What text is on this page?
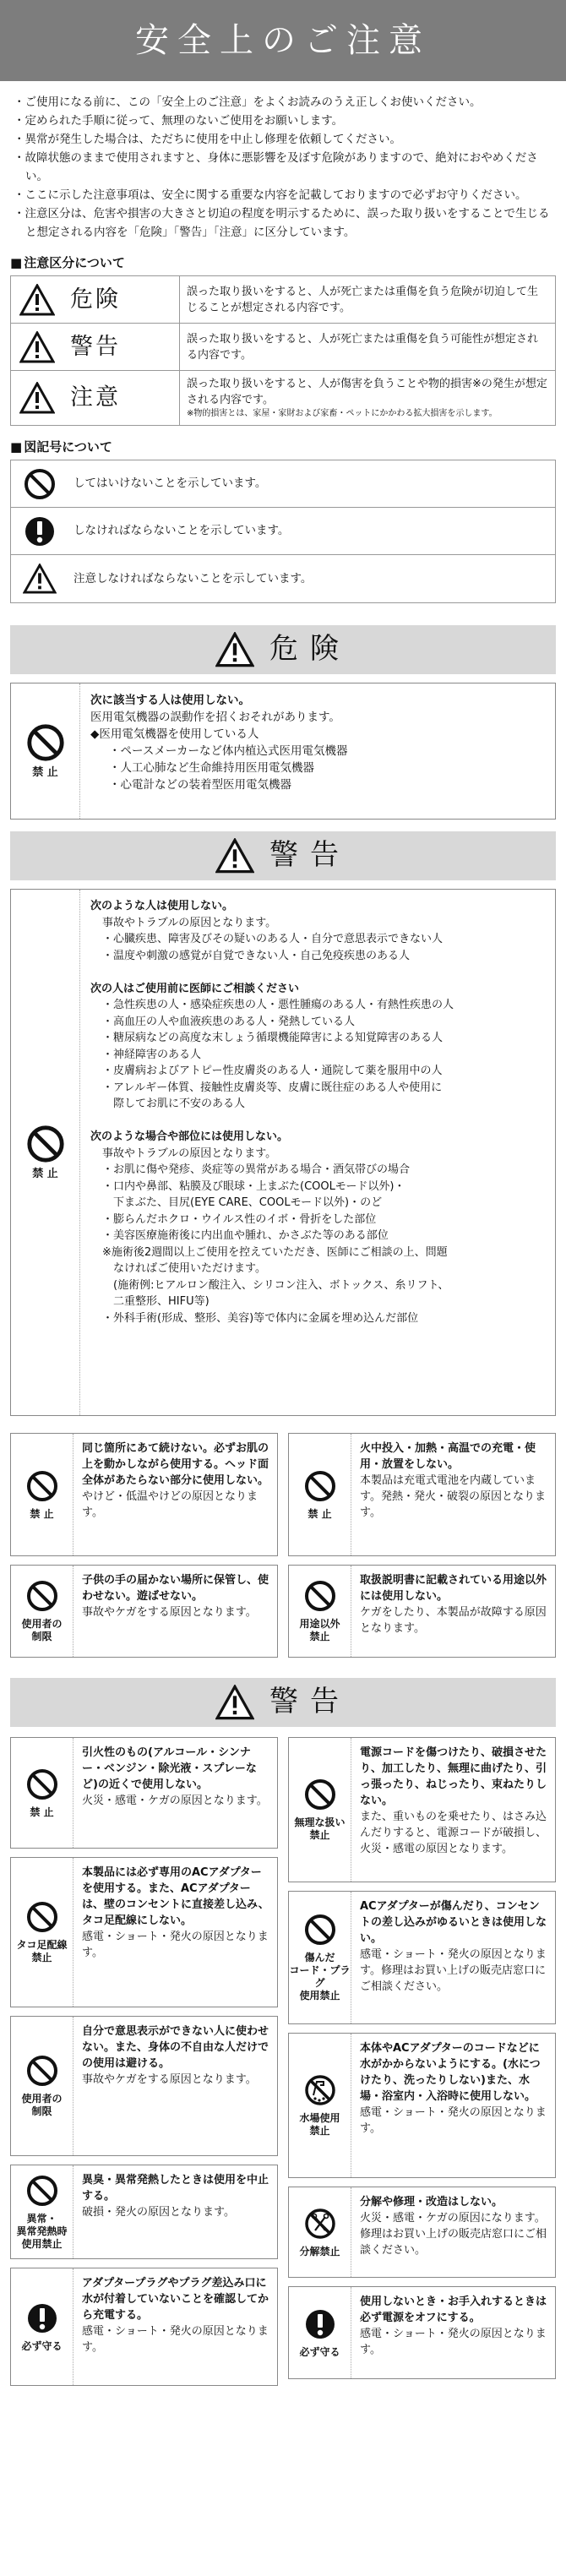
安全上のご注意
・ ご使用になる前に、この「安全上のご注意」をよくお読みのうえ正しくお使いください。
・ 定められた手順に従って、無理のないご使用をお願いします。
・ 異常が発生した場合は、ただちに使用を中止し修理を依頼してください。
・ 故障状態のままで使用されますと、身体に悪影響を及ぼす危険がありますので、絶対におやめください。
・ ここに示した注意事項は、安全に関する重要な内容を記載しておりますので必ずお守りください。
・ 注意区分は、危害や損害の大きさと切迫の程度を明示するために、誤った取り扱いをすることで生じると想定される内容を「危険」「警告」「注意」に区分しています。
■ 注意区分について
危険	誤った取り扱いをすると、人が死亡または重傷を負う危険が切迫して生じることが想定される内容です。
警告	誤った取り扱いをすると、人が死亡または重傷を負う可能性が想定される内容です。
注意
誤った取り扱いをすると、人が傷害を負うことや物的損害※の発生が想定される内容です。
※物的損害とは、家屋・家財および家畜・ペットにかかわる拡大損害を示します。
■ 図記号について
してはいけないことを示しています。
しなければならないことを示しています。
注意しなければならないことを示しています。
危険
禁 止
次に該当する人は使用しない。
医用電気機器の誤動作を招くおそれがあります。
◆医用電気機器を使用している人
・ペースメーカーなど体内植込式医用電気機器
・人工心肺など生命維持用医用電気機器
・心電計などの装着型医用電気機器
警告
禁 止
次のような人は使用しない。
事故やトラブルの原因となります。
・心臓疾患、障害及びその疑いのある人・自分で意思表示できない人
・温度や刺激の感覚が自覚できない人・自己免疫疾患のある人

次の人はご使用前に医師にご相談ください
・急性疾患の人・感染症疾患の人・悪性腫瘍のある人・有熱性疾患の人
・高血圧の人や血液疾患のある人・発熱している人
・糖尿病などの高度な末しょう循環機能障害による知覚障害のある人
・神経障害のある人
・皮膚病およびアトピー性皮膚炎のある人・通院して薬を服用中の人
・アレルギー体質、接触性皮膚炎等、皮膚に既往症のある人や使用に
　際してお肌に不安のある人

次のような場合や部位には使用しない。
事故やトラブルの原因となります。
・お肌に傷や発疹、炎症等の異常がある場合・酒気帯びの場合
・口内や鼻部、粘膜及び眼球・上まぶた(COOLモード以外)・
　下まぶた、目尻(EYE CARE、COOLモード以外)・のど
・膨らんだホクロ・ウイルス性のイボ・骨折をした部位
・美容医療施術後に内出血や腫れ、かさぶた等のある部位
※施術後2週間以上ご使用を控えていただき、医師にご相談の上、問題
　なければご使用いただけます。
　(施術例:ヒアルロン酸注入、シリコン注入、ボトックス、糸リフト、
　二重整形、HIFU等)
・外科手術(形成、整形、美容)等で体内に金属を埋め込んだ部位
禁 止
同じ箇所にあて続けない。必ずお肌の上を動かしながら使用する。ヘッド面全体があたらない部分に使用しない。
やけど・低温やけどの原因となります。
使用者の
制限
子供の手の届かない場所に保管し、使わせない。遊ばせない。
事故やケガをする原因となります。
禁 止
火中投入・加熱・高温での充電・使用・放置をしない。
本製品は充電式電池を内蔵しています。発熱・発火・破裂の原因となります。
用途以外
禁止
取扱説明書に記載されている用途以外には使用しない。
ケガをしたり、本製品が故障する原因となります。
警告
禁 止
引火性のもの(アルコール・シンナー・ベンジン・除光液・スプレーなど)の近くで使用しない。
火災・感電・ケガの原因となります。
タコ足配線
禁止
本製品には必ず専用のACアダプターを使用する。また、ACアダプターは、壁のコンセントに直接差し込み、タコ足配線にしない。
感電・ショート・発火の原因となります。
使用者の
制限
自分で意思表示ができない人に使わせない。また、身体の不自由な人だけでの使用は避ける。
事故やケガをする原因となります。
異常・
異常発熱時
使用禁止
異臭・異常発熱したときは使用を中止する。
破損・発火の原因となります。
必ず守る
アダプタープラグやプラグ差込み口に水が付着していないことを確認してから充電する。
感電・ショート・発火の原因となります。
無理な扱い
禁止
電源コードを傷つけたり、破損させたり、加工したり、無理に曲げたり、引っ張ったり、ねじったり、束ねたりしない。
また、重いものを乗せたり、はさみ込んだりすると、電源コードが破損し、火災・感電の原因となります。
傷んだ
コード・プラグ
使用禁止
ACアダプターが傷んだり、コンセントの差し込みがゆるいときは使用しない。
感電・ショート・発火の原因となります。修理はお買い上げの販売店窓口にご相談ください。
水場使用
禁止
本体やACアダプターのコードなどに水がかからないようにする。(水につけたり、洗ったりしない)また、水場・浴室内・入浴時に使用しない。
感電・ショート・発火の原因となります。
分解禁止
分解や修理・改造はしない。
火災・感電・ケガの原因になります。修理はお買い上げの販売店窓口にご相談ください。
必ず守る
使用しないとき・お手入れするときは必ず電源をオフにする。
感電・ショート・発火の原因となります。
